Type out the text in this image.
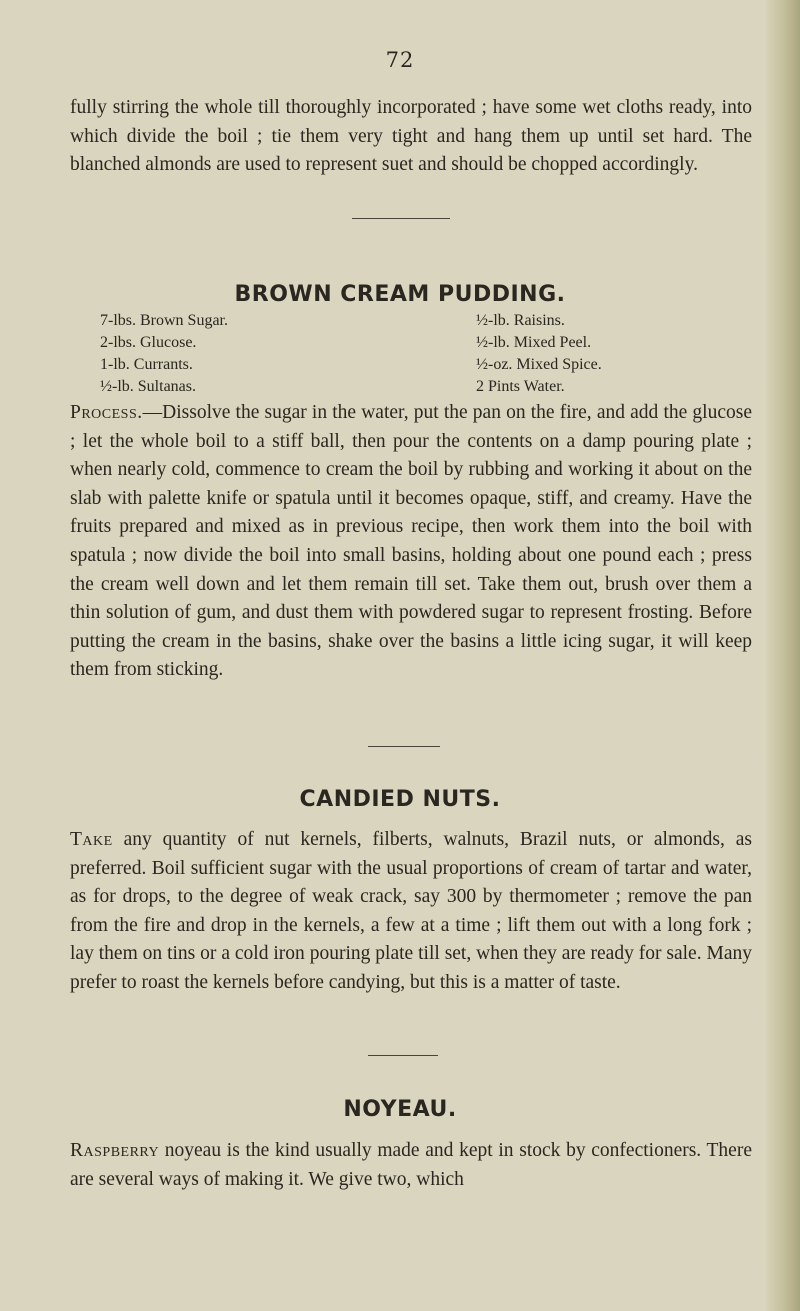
72

fully stirring the whole till thoroughly incorporated ; have some wet cloths ready, into which divide the boil ; tie them very tight and hang them up until set hard. The blanched almonds are used to represent suet and should be chopped accordingly.

BROWN CREAM PUDDING.
7-lbs. Brown Sugar.
2-lbs. Glucose.
1-lb. Currants.
½-lb. Sultanas.
½-lb. Raisins.
½-lb. Mixed Peel.
½-oz. Mixed Spice.
2 Pints Water.

Process.—Dissolve the sugar in the water, put the pan on the fire, and add the glucose ; let the whole boil to a stiff ball, then pour the contents on a damp pouring plate ; when nearly cold, commence to cream the boil by rubbing and working it about on the slab with palette knife or spatula until it becomes opaque, stiff, and creamy. Have the fruits prepared and mixed as in previous recipe, then work them into the boil with spatula ; now divide the boil into small basins, holding about one pound each ; press the cream well down and let them remain till set. Take them out, brush over them a thin solution of gum, and dust them with powdered sugar to represent frosting. Before putting the cream in the basins, shake over the basins a little icing sugar, it will keep them from sticking.

CANDIED NUTS.

Take any quantity of nut kernels, filberts, walnuts, Brazil nuts, or almonds, as preferred. Boil sufficient sugar with the usual proportions of cream of tartar and water, as for drops, to the degree of weak crack, say 300 by thermometer ; remove the pan from the fire and drop in the kernels, a few at a time ; lift them out with a long fork ; lay them on tins or a cold iron pouring plate till set, when they are ready for sale. Many prefer to roast the kernels before candying, but this is a matter of taste.

NOYEAU.

Raspberry noyeau is the kind usually made and kept in stock by confectioners. There are several ways of making it. We give two, which
